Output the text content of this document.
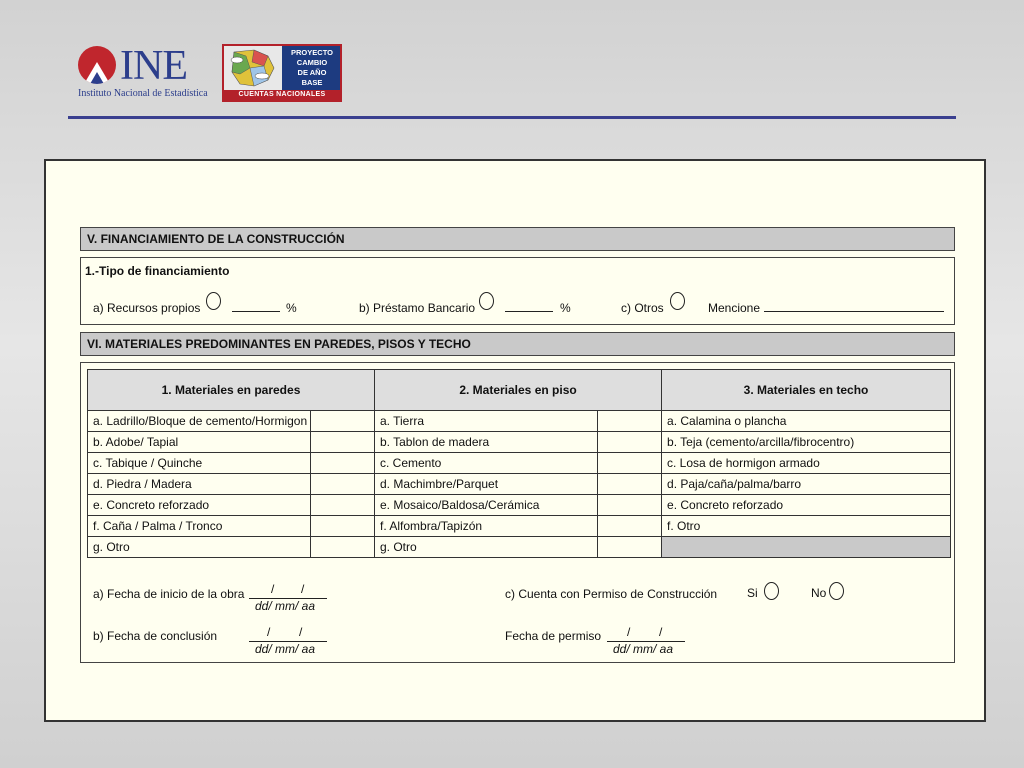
INE
Instituto Nacional de Estadística
PROYECTO
CAMBIO
DE AÑO
BASE
CUENTAS NACIONALES
V. FINANCIAMIENTO DE LA CONSTRUCCIÓN
1.-Tipo de financiamiento
a) Recursos propios	%	b) Préstamo Bancario	%	c) Otros	Mencione
VI. MATERIALES PREDOMINANTES EN PAREDES, PISOS Y TECHO
1. Materiales en paredes		2. Materiales en piso		3. Materiales en techo
a. Ladrillo/Bloque de cemento/Hormigon		a. Tierra		a. Calamina o plancha
b. Adobe/ Tapial		b. Tablon de madera		b. Teja (cemento/arcilla/fibrocentro)
c. Tabique / Quinche		c. Cemento		c. Losa de hormigon armado
d. Piedra / Madera		d. Machimbre/Parquet		d. Paja/caña/palma/barro
e. Concreto reforzado		e. Mosaico/Baldosa/Cerámica		e. Concreto reforzado
f. Caña / Palma / Tronco		f. Alfombra/Tapizón		f. Otro
g. Otro		g. Otro		
a) Fecha de inicio de la obra / /
dd/ mm/ aa
b) Fecha de conclusión	/ /
dd/ mm/ aa
c) Cuenta con Permiso de Construcción Si	No
Fecha de permiso / /
dd/ mm/ aa
